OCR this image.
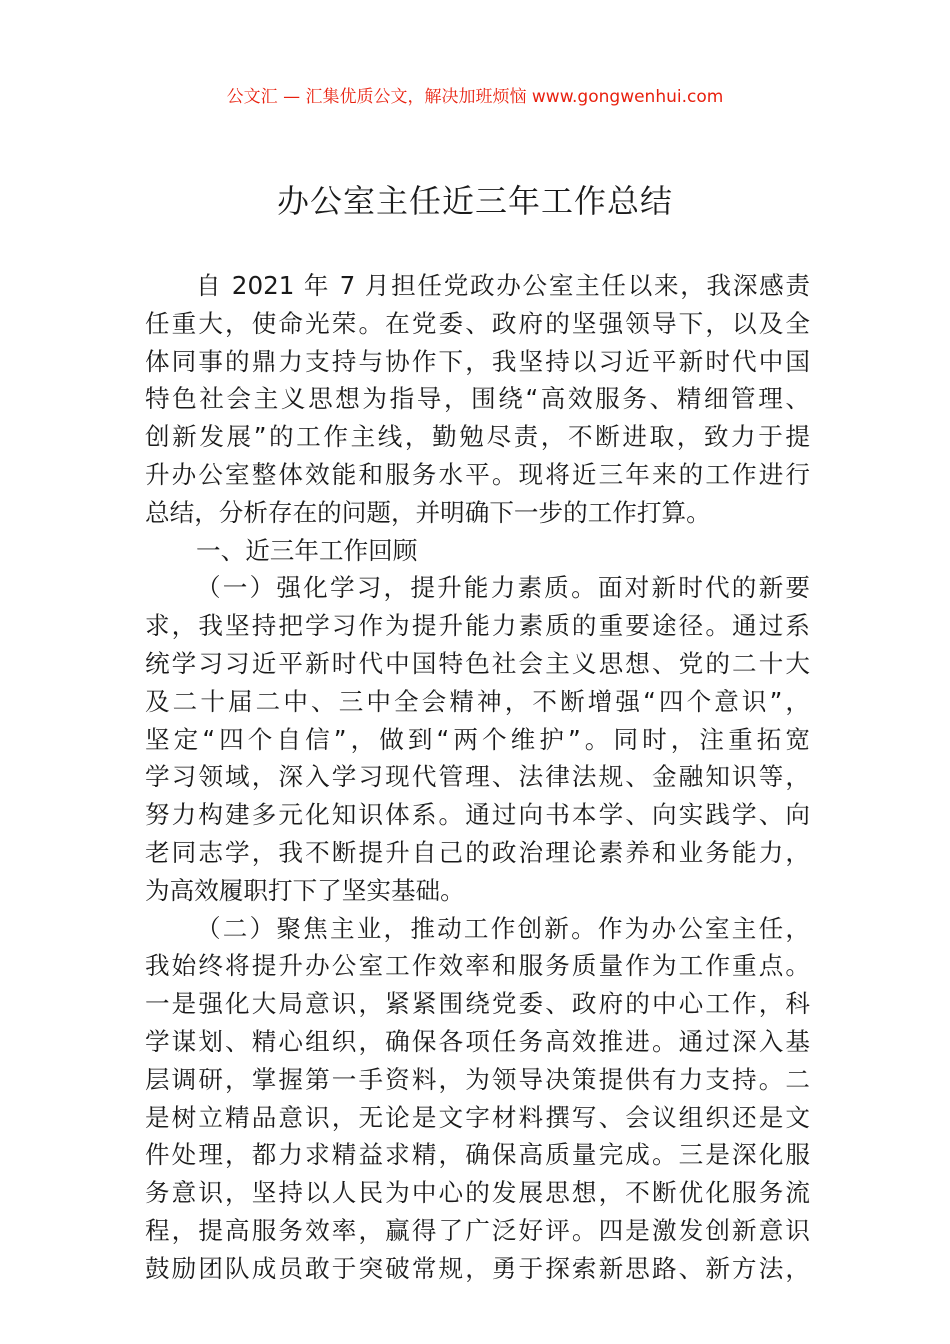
公文汇 — 汇集优质公文，解决加班烦恼 www.gongwenhui.com
办公室主任近三年工作总结
自 2021 年 7 月担任党政办公室主任以来，我深感责
任重大，使命光荣。在党委、政府的坚强领导下，以及全
体同事的鼎力支持与协作下，我坚持以习近平新时代中国
特色社会主义思想为指导，围绕“高效服务、精细管理、
创新发展”的工作主线，勤勉尽责，不断进取，致力于提
升办公室整体效能和服务水平。现将近三年来的工作进行
总结，分析存在的问题，并明确下一步的工作打算。
一、近三年工作回顾
（一）强化学习，提升能力素质。面对新时代的新要
求，我坚持把学习作为提升能力素质的重要途径。通过系
统学习习近平新时代中国特色社会主义思想、党的二十大
及二十届二中、三中全会精神，不断增强“四个意识”，
坚定“四个自信”，做到“两个维护”。同时，注重拓宽
学习领域，深入学习现代管理、法律法规、金融知识等，
努力构建多元化知识体系。通过向书本学、向实践学、向
老同志学，我不断提升自己的政治理论素养和业务能力，
为高效履职打下了坚实基础。
（二）聚焦主业，推动工作创新。作为办公室主任，
我始终将提升办公室工作效率和服务质量作为工作重点。
一是强化大局意识，紧紧围绕党委、政府的中心工作，科
学谋划、精心组织，确保各项任务高效推进。通过深入基
层调研，掌握第一手资料，为领导决策提供有力支持。二
是树立精品意识，无论是文字材料撰写、会议组织还是文
件处理，都力求精益求精，确保高质量完成。三是深化服
务意识，坚持以人民为中心的发展思想，不断优化服务流
程，提高服务效率，赢得了广泛好评。四是激发创新意识
鼓励团队成员敢于突破常规，勇于探索新思路、新方法，
